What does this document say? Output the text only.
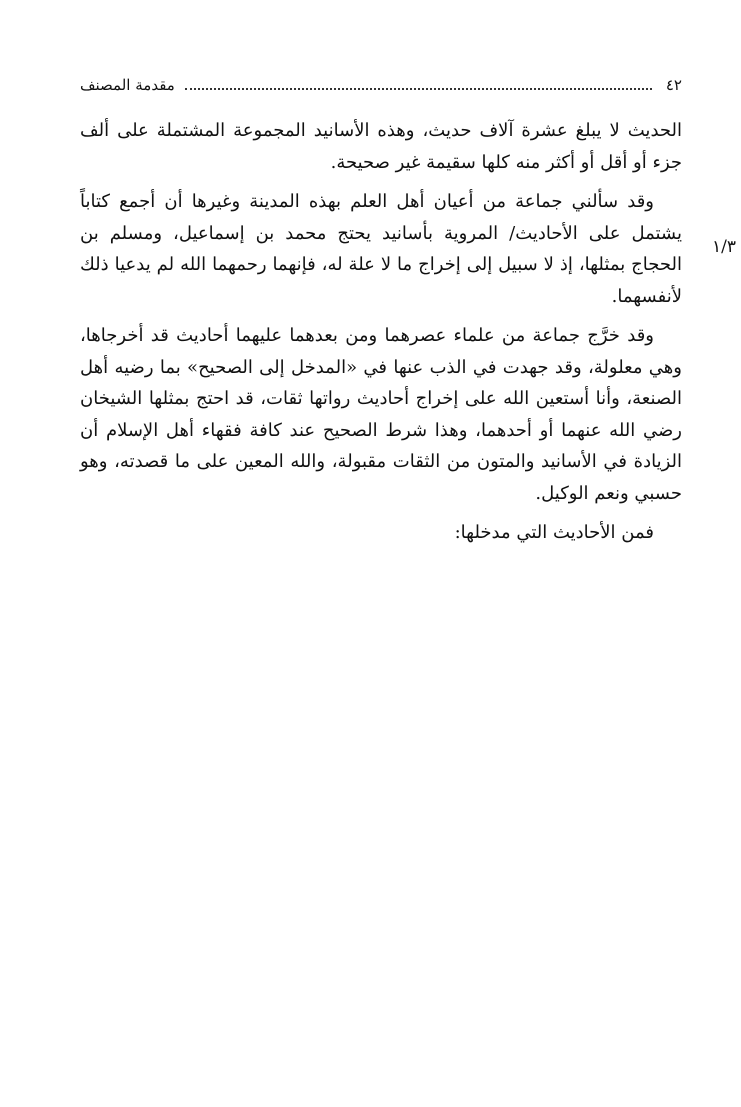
٤٢
مقدمة المصنف
١/٣

الحديث لا يبلغ عشرة آلاف حديث، وهذه الأسانيد المجموعة المشتملة على ألف جزء أو أقل أو أكثر منه كلها سقيمة غير صحيحة.

وقد سألني جماعة من أعيان أهل العلم بهذه المدينة وغيرها أن أجمع كتاباً يشتمل على الأحاديث/ المروية بأسانيد يحتج محمد بن إسماعيل، ومسلم بن الحجاج بمثلها، إذ لا سبيل إلى إخراج ما لا علة له، فإنهما رحمهما الله لم يدعيا ذلك لأنفسهما.

وقد خرَّج جماعة من علماء عصرهما ومن بعدهما عليهما أحاديث قد أخرجاها، وهي معلولة، وقد جهدت في الذب عنها في «المدخل إلى الصحيح» بما رضيه أهل الصنعة، وأنا أستعين الله على إخراج أحاديث رواتها ثقات، قد احتج بمثلها الشيخان رضي الله عنهما أو أحدهما، وهذا شرط الصحيح عند كافة فقهاء أهل الإسلام أن الزيادة في الأسانيد والمتون من الثقات مقبولة، والله المعين على ما قصدته، وهو حسبي ونعم الوكيل.

فمن الأحاديث التي مدخلها:
